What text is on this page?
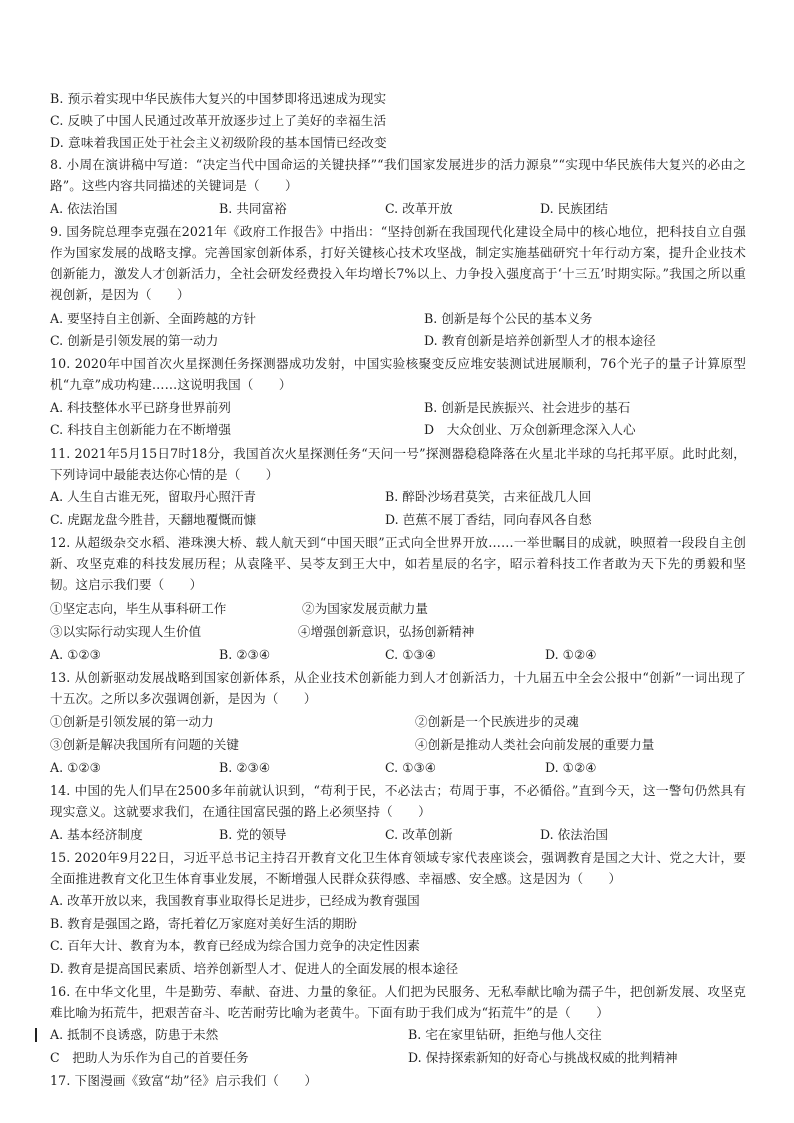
B. 预示着实现中华民族伟大复兴的中国梦即将迅速成为现实
C. 反映了中国人民通过改革开放逐步过上了美好的幸福生活
D. 意味着我国正处于社会主义初级阶段的基本国情已经改变
8. 小周在演讲稿中写道：“决定当代中国命运的关键抉择”“我们国家发展进步的活力源泉”“实现中华民族伟大复兴的必由之路”。这些内容共同描述的关键词是（　　）
A. 依法治国	B. 共同富裕	C. 改革开放	D. 民族团结
9. 国务院总理李克强在2021年《政府工作报告》中指出：“坚持创新在我国现代化建设全局中的核心地位，把科技自立自强作为国家发展的战略支撑。完善国家创新体系，打好关键核心技术攻坚战，制定实施基础研究十年行动方案，提升企业技术创新能力，激发人才创新活力，全社会研发经费投入年均增长7%以上、力争投入强度高于‘十三五’时期实际。”我国之所以重视创新，是因为（　　）
A. 要坚持自主创新、全面跨越的方针	B. 创新是每个公民的基本义务
C. 创新是引领发展的第一动力	D. 教育创新是培养创新型人才的根本途径
10. 2020年中国首次火星探测任务探测器成功发射，中国实验核聚变反应堆安装测试进展顺利，76个光子的量子计算原型机“九章”成功构建……这说明我国（　　）
A. 科技整体水平已跻身世界前列	B. 创新是民族振兴、社会进步的基石
C. 科技自主创新能力在不断增强	D　大众创业、万众创新理念深入人心
11. 2021年5月15日7时18分，我国首次火星探测任务“天问一号”探测器稳稳降落在火星北半球的乌托邦平原。此时此刻，下列诗词中最能表达你心情的是（　　）
A. 人生自古谁无死，留取丹心照汗青	B. 醉卧沙场君莫笑，古来征战几人回
C. 虎踞龙盘今胜昔，天翻地覆慨而慷	D. 芭蕉不展丁香结，同向春风各自愁
12. 从超级杂交水稻、港珠澳大桥、载人航天到“中国天眼”正式向全世界开放……一举世瞩目的成就，映照着一段段自主创新、攻坚克难的科技发展历程；从袁隆平、吴苓友到王大中，如若星辰的名字，昭示着科技工作者敢为天下先的勇毅和坚韧。这启示我们要（　　）
①坚定志向，毕生从事科研工作	②为国家发展贡献力量
③以实际行动实现人生价值	④增强创新意识，弘扬创新精神
A. ①②③	B. ②③④	C. ①③④	D. ①②④
13. 从创新驱动发展战略到国家创新体系，从企业技术创新能力到人才创新活力，十九届五中全会公报中“创新”一词出现了十五次。之所以多次强调创新，是因为（　　）
①创新是引领发展的第一动力	②创新是一个民族进步的灵魂
③创新是解决我国所有问题的关键	④创新是推动人类社会向前发展的重要力量
A. ①②③	B. ②③④	C. ①③④	D. ①②④
14. 中国的先人们早在2500多年前就认识到，“苟利于民，不必法古；苟周于事，不必循俗。”直到今天，这一警句仍然具有现实意义。这就要求我们，在通往国富民强的路上必须坚持（　　）
A. 基本经济制度	B. 党的领导	C. 改革创新	D. 依法治国
15. 2020年9月22日，习近平总书记主持召开教育文化卫生体育领域专家代表座谈会，强调教育是国之大计、党之大计，要全面推进教育文化卫生体育事业发展，不断增强人民群众获得感、幸福感、安全感。这是因为（　　）
A. 改革开放以来，我国教育事业取得长足进步，已经成为教育强国
B. 教育是强国之路，寄托着亿万家庭对美好生活的期盼
C. 百年大计、教育为本，教育已经成为综合国力竞争的决定性因素
D. 教育是提高国民素质、培养创新型人才、促进人的全面发展的根本途径
16. 在中华文化里，牛是勤劳、奉献、奋进、力量的象征。人们把为民服务、无私奉献比喻为孺子牛，把创新发展、攻坚克难比喻为拓荒牛，把艰苦奋斗、吃苦耐劳比喻为老黄牛。下面有助于我们成为“拓荒牛”的是（　　）
A. 抵制不良诱惑，防患于未然	B. 宅在家里钻研，拒绝与他人交往
C　把助人为乐作为自己的首要任务	D. 保持探索新知的好奇心与挑战权威的批判精神
17. 下图漫画《致富“劫”径》启示我们（　　）
